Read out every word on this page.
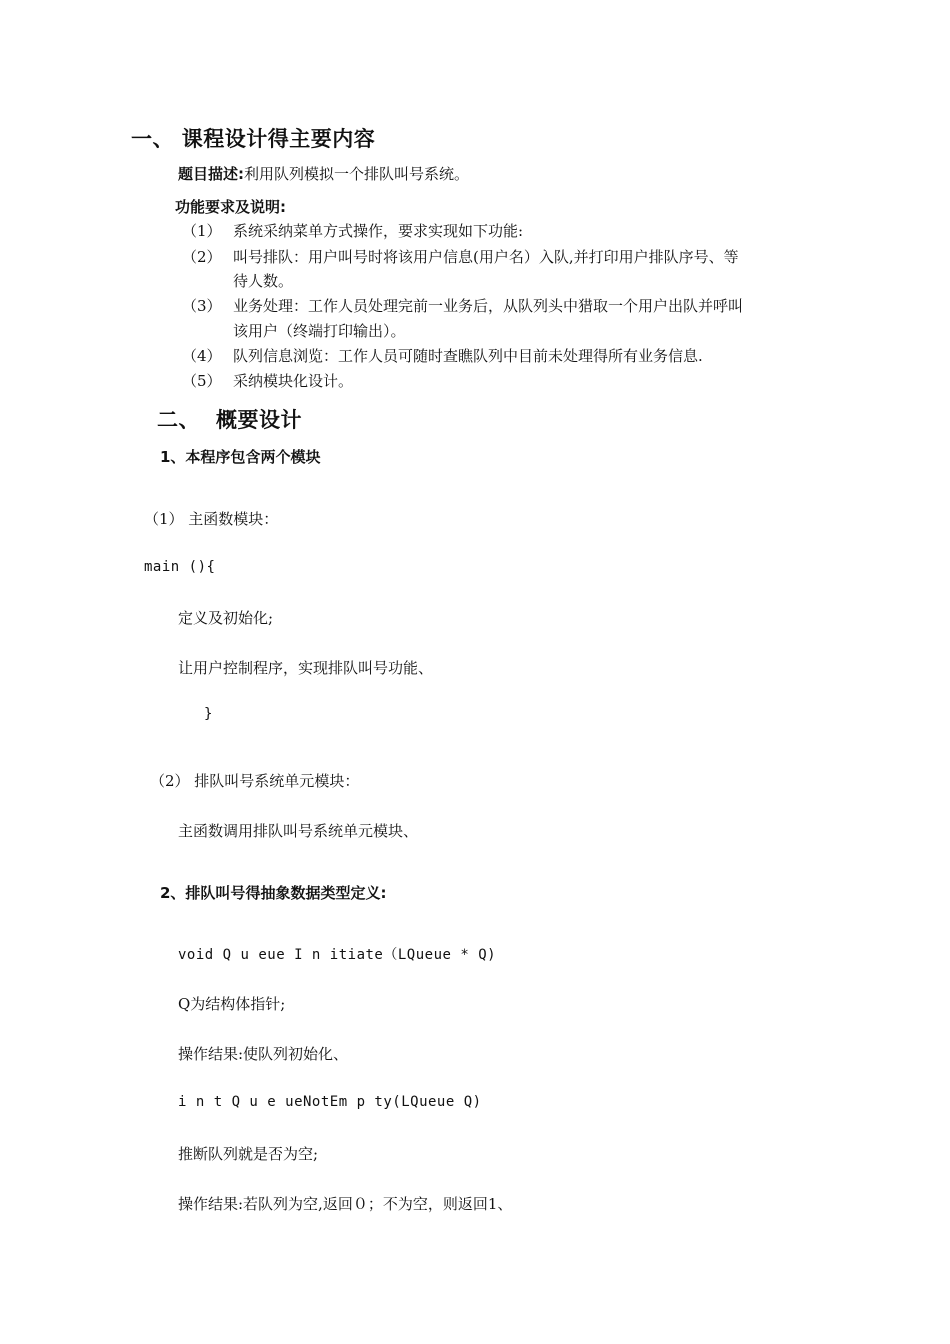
一、 课程设计得主要内容
题目描述:利用队列模拟一个排队叫号系统。
功能要求及说明:
（1） 系统采纳菜单方式操作，要求实现如下功能:
（2） 叫号排队：用户叫号时将该用户信息(用户名）入队,并打印用户排队序号、等
待人数。
（3） 业务处理：工作人员处理完前一业务后，从队列头中猎取一个用户出队并呼叫
该用户（终端打印输出）。
（4） 队列信息浏览：工作人员可随时查瞧队列中目前未处理得所有业务信息.
（5） 采纳模块化设计。
二、 概要设计
1、本程序包含两个模块
（1） 主函数模块：
main (){
定义及初始化;
让用户控制程序，实现排队叫号功能、
}
（2） 排队叫号系统单元模块：
主函数调用排队叫号系统单元模块、
2、排队叫号得抽象数据类型定义:
void Q u eue I n itiate（LQueue * Q)
Q为结构体指针;
操作结果:使队列初始化、
i n t Q u e ueNotEm p ty(LQueue Q)
推断队列就是否为空;
操作结果:若队列为空,返回０；不为空，则返回1、
